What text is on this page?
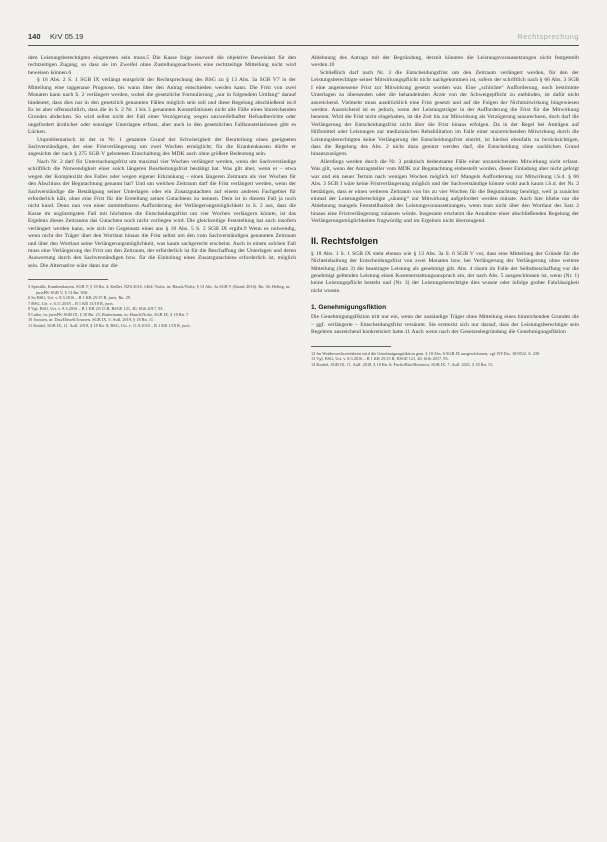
140 KrV 05.19	Rechtsprechung

dem Leistungsberechtigten eingetreten sein muss.5 Die Kasse folge insoweit die objektive Beweislast für den rechtzeitigen Zugang, so dass sie im Zweifel ohne Zustellungsnachweis eine rechtzeitige Mitteilung nicht wird beweisen können.6

§ 16 Abs. 2 S. 1 SGB IX verlängt entspricht der Rechtsprechung des BSG zu § 13 Abs. 3a SGB V7 in der Mitteilung eine taggenaue Prognose, bis wann über den Antrag entschieden werden kann. Die Frist von zwei Monaten kann nach S. 2 verlängert werden, wobei die gesetzliche Formulierung „nur in folgendem Umfang“ darauf hindeutet, dass dies nur in den gesetzlich genannten Fällen möglich sein soll und diese Regelung abschließend ist.8 Es ist aber offensichtlich, dass die in S. 2 Nr. 1 bis 3 genannten Konstellationen nicht alle Fälle eines hinreichenden Grundes abdecken. So wird selbst nicht der Fall einer Verzögerung wegen unzweifelhafter Befundberichte oder ungefordert ärztlicher oder sonstiger Unterlagen erfasst, aber auch in den gesetzlichen Fallkonstellationen gibt es Lücken.

Unproblematisch ist der in Nr. 1 genannte Grund der Schwierigkeit der Beurteilung eines geeigneten Sachverständigen, der eine Fristverlängerung um zwei Wochen ermöglicht; für die Krankenkassen dürfte er angesichts der nach § 275 SGB V gebotenen Einschaltung des MDK auch ohne größere Bedeutung sein.

Nach Nr. 2 darf für Untersuchungsfrist um maximal vier Wochen verlängert werden, wenn der Sachverständige schriftlich die Notwendigkeit einer solch längeren Bearbeitungsfrist bestätigt hat. Was gilt aber, wenn er – etwa wegen der Komplexität des Falles oder wegen eigener Erkrankung – einen längeren Zeitraum als vier Wochen für den Abschluss der Begutachtung genannt hat? Und um welchen Zeitraum darf die Frist verlängert werden, wenn der Sachverständige die Bestätigung seiner Unterlagen oder ein Zusatzgutachten auf einem anderen Fachgebiet für erforderlich hält, ohne eine Frist für die Erstellung seines Gutachtens zu nennen. Dem ist in diesem Fall ja noch nicht kund. Denn nun von einer unmittelbaren Aufforderung der Verlängerungsmöglichkeit in S. 2 aus, dass die Kasse im ungünstigsten Fall mit höchstens die Entscheidungsfrist um vier Wochen verlängern könnte, ist das Ergebnis dieses Zeitraums das Gutachten noch nicht vorliegen wird. Die gleichzeitige Feststellung hat auch insofern verlängert werden kann, wie sich im Gegensatz eines aus § 18 Abs. 5 S. 2 SGB IX ergibt.9 Wenn es notwendig, wenn nicht der Träger über den Wortlaut hinaus die Frist selbst um den vom Sachverständigen genannten Zeitraum und über den Wortlaut seine Verlängerungsmöglichkeit, was kaum sachgerecht erscheint. Auch in einem solchen Fall muss eine Verlängerung der Frist um den Zeitraum, der erforderlich ist für die Beschaffung der Unterlagen und deren Auswertung durch den Sachverständigen bzw. für die Einholung eines Zusatzgutachtens erforderlich ist, möglich sein. Die Alternative wäre dann nur die

5 Spezifik, Krankenkassen, SGB V, § 18 Rn. 4; Keßler, NZS 2016, 1464; Noftz, in: Hauck/Noftz, § 13 Abs. 3a SGB V (Stand: 2016), Rn. 36; Helbig, in: jurisPK-SGB V, § 13 Rn. 56ff.

6 So BSG, Urt. v. 8.3.2016 – B 1 KR 25/15 R, juris, Rn. 29.

7 BSG, Urt. v. 6.11.2018 – B 1 KR 13/18 R, juris.

8 Vgl. BSG, Urt. v. 8.3.2016 – B 1 KR 25/15 R, BSGE 121, 40, SGb 2017, 93.

9 Luthe, in: jurisPK-SGB IX, § 18 Rn. 25; Rattermann, in: Hauck/Noftz, SGB IX, § 18 Rn. 7.

10 Joussen, in: Dau/Düwell/Joussen, SGB IX, 5. Aufl. 2019, § 18 Rn. 11.

11 Knittel, SGB IX, 11. Aufl. 2018, § 18 Rn. 8; BSG, Urt. v. 11.9.2018 – B 1 KR 1/18 R, juris.

Ablehnung des Antrags mit der Begründung, derzeit könnten die Leistungsvoraussetzungen nicht festgestellt werden.10

Schließlich darf nach Nr. 3 die Entscheidungsfrist um den Zeitraum verlängert werden, für den der Leistungsberechtigte seiner Mitwirkungspflicht nicht nachgekommen ist, sofern der schriftlich nach § 66 Abs. 3 SGB I eine angemessene Frist zur Mitwirkung gesetzt worden war. Eine „schlichte“ Aufforderung, noch bestimmte Unterlagen zu übersenden oder die behandelnden Ärzte von der Schweigepflicht zu entbinden, ist dafür nicht ausreichend. Vielmehr muss ausdrücklich eine Frist gesetzt und auf die Folgen der Nichtmitwirkung hingewiesen werden. Ausreichend ist es jedoch, wenn der Leistungsträger in der Aufforderung die Frist für die Mitwirkung benennt. Wird die Frist nicht eingehalten, ist die Zeit bis zur Mitwirkung als Verzögerung anzurechnen, doch darf die Verlängerung der Entscheidungsfrist nicht über die Frist hinaus erfolgen. Da in der Regel bei Anträgen auf Hilfsmittel oder Leistungen zur medizinischen Rehabilitation im Falle einer unzureichenden Mitwirkung durch die Leistungsberechtigten keine Verlängerung der Entscheidungsfrist eintritt, ist hierbei ebenfalls zu berücksichtigen, dass die Regelung des Abs. 2 nicht dazu genutzt werden darf, die Entscheidung ohne sachlichen Grund hinauszuzögern.

Allerdings werden durch die Nr. 3 praktisch bedeutsame Fälle einer unzureichenden Mitwirkung nicht erfasst. Was gilt, wenn der Antragsteller vom MDK zur Begutachtung einbestellt worden, dieser Einladung aber nicht gefolgt war und ein neuer Termin nach wenigen Wochen möglich ist? Mangels Aufforderung zur Mitwirkung i.S.d. § 66 Abs. 3 SGB I wäre keine Fristverlängerung möglich und der Sachverständige könnte wohl auch kaum i.S.d. der Nr. 2 bestätigen, dass er einen weiteren Zeitraum von bis zu vier Wochen für die Begutachtung benötigt, weil ja zunächst einmal der Leistungsberechtigte „säumig“ zur Mitwirkung aufgefordert werden müsste. Auch hier bliebe nur die Ablehnung mangels Feststellbarkeit der Leistungsvoraussetzungen, wenn man nicht über den Wortlaut des Satz 2 hinaus eine Fristverlängerung zulassen würde. Insgesamt erscheint die Annahme einer abschließenden Regelung der Verlängerungsmöglichkeiten fragwürdig und im Ergebnis nicht überzeugend.

II. Rechtsfolgen

§ 18 Abs. 1 S. 1 SGB IX sieht ebenso wie § 13 Abs. 3a S. 6 SGB V vor, dass eine Mitteilung der Gründe für die Nichteinhaltung der Entscheidungsfrist von zwei Monaten bzw. bei Verlängerung der Verlängerung ohne weitere Mitteilung (Satz 3) die beantragte Leistung als genehmigt gilt. Abs. 4 räumt im Falle der Selbstbeschaffung vor die genehmigt geltenden Leistung einen Kostenerstattungsanspruch ein, der nach Abs. 5 ausgeschlossen ist, wenn (Nr. 1) keine Leistungspflicht besteht und (Nr. 3) der Leistungsberechtigte dies wusste oder infolge grober Fahrlässigkeit nicht wusste.

1. Genehmigungsfiktion

Die Genehmigungsfiktion tritt nur ein, wenn der zuständige Träger ohne Mitteilung eines hinreichenden Grundes die – ggf. verlängerte – Entscheidungsfrist versäumt. Sie erstreckt sich nur darauf, dass der Leistungsberechtigte sein Begehren ausreichend konkretisiert hatte.11 Auch wenn nach der Gesetzesbegründung die Genehmigungsfiktion

12 Im Wettbewerbsverfahren wird die Genehmigungsfiktion gem. § 18 Abs. 6 SGB IX ausgeschlossen, vgl. BT-Drs. 18/9522, S. 239.

13 Vgl. BSG, Urt. v. 8.3.2016 – B 1 KR 25/15 R, BSGE 121, 40, SGb 2017, 93.

14 Knittel, SGB IX, 11. Aufl. 2018, § 18 Rn. 6; Fuchs/Ritz/Rosenow, SGB IX, 7. Aufl. 2021, § 18 Rn. 15.
